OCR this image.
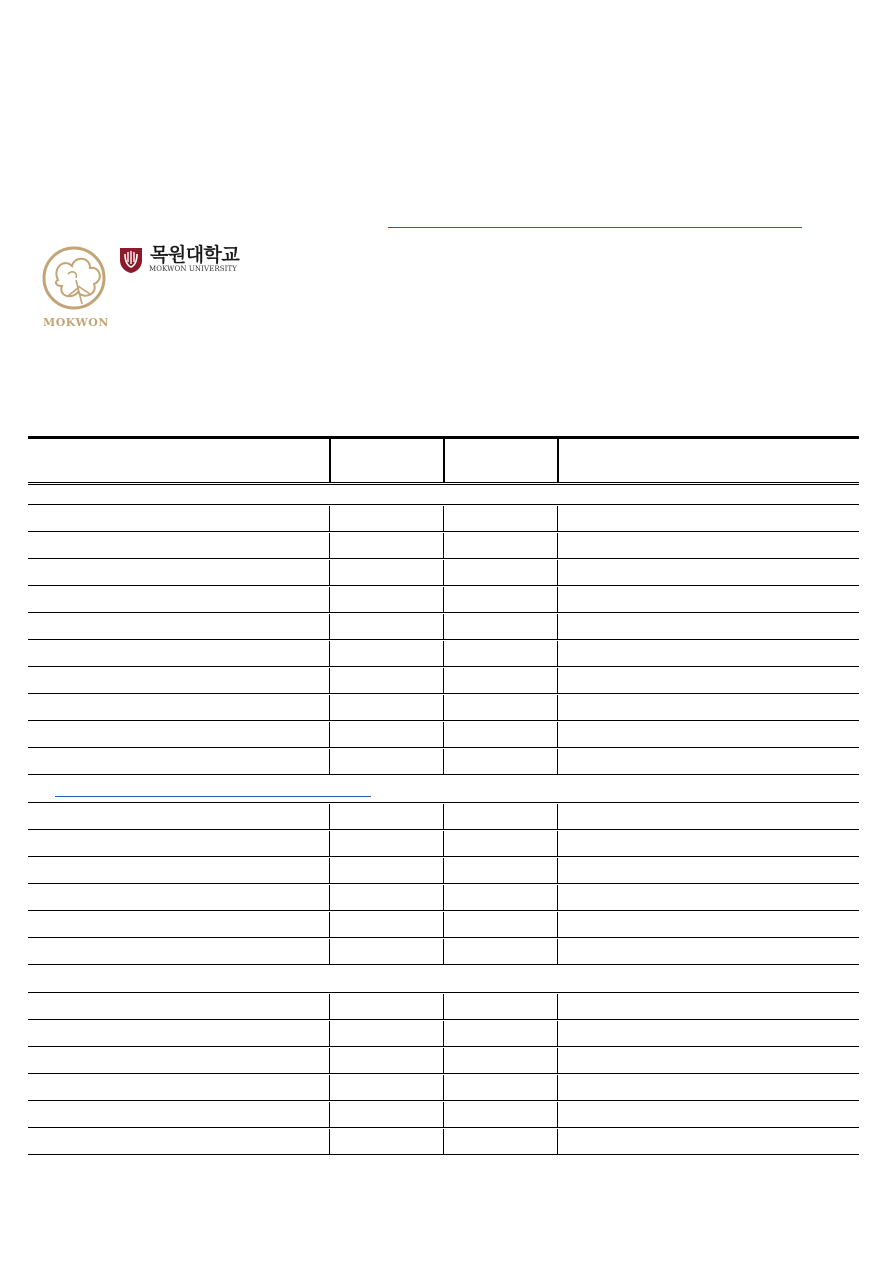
MOKWON
목원대학교
MOKWON UNIVERSITY
